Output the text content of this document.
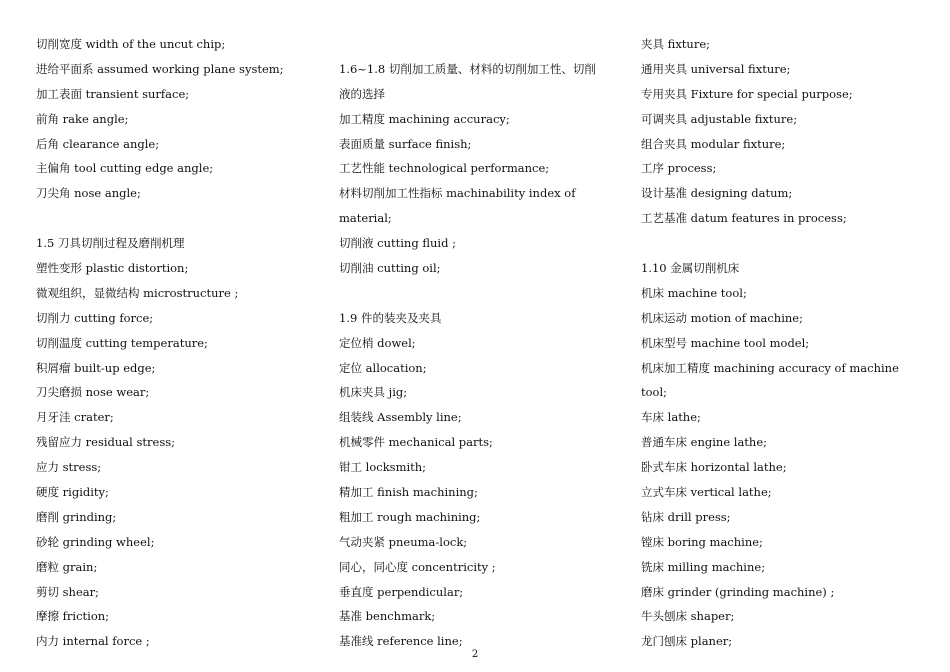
切削宽度 width of the uncut chip;
进给平面系 assumed working plane system;
加工表面 transient surface;
前角 rake angle;
后角 clearance angle;
主偏角 tool cutting edge angle;
刀尖角 nose angle;
1.5 刀具切削过程及磨削机理
塑性变形 plastic distortion;
微观组织，显微结构 microstructure ;
切削力 cutting force;
切削温度 cutting temperature;
积屑瘤 built-up edge;
刀尖磨损 nose wear;
月牙洼 crater;
残留应力 residual stress;
应力 stress;
硬度 rigidity;
磨削 grinding;
砂轮 grinding wheel;
磨粒 grain;
剪切 shear;
摩擦 friction;
内力 internal force ;
1.6~1.8 切削加工质量、材料的切削加工性、切削
液的选择
加工精度 machining accuracy;
表面质量 surface finish;
工艺性能 technological performance;
材料切削加工性指标 machinability index of
material;
切削液 cutting fluid ;
切削油 cutting oil;
1.9 件的装夹及夹具
定位梢 dowel;
定位 allocation;
机床夹具 jig;
组装线 Assembly line;
机械零件 mechanical parts;
钳工 locksmith;
精加工 finish machining;
粗加工 rough machining;
气动夹紧 pneuma-lock;
同心，同心度 concentricity ;
垂直度 perpendicular;
基准 benchmark;
基准线 reference line;
夹具 fixture;
通用夹具 universal fixture;
专用夹具 Fixture for special purpose;
可调夹具 adjustable fixture;
组合夹具 modular fixture;
工序 process;
设计基准 designing datum;
工艺基准 datum features in process;
1.10 金属切削机床
机床 machine tool;
机床运动 motion of machine;
机床型号 machine tool model;
机床加工精度 machining accuracy of machine
tool;
车床 lathe;
普通车床 engine lathe;
卧式车床 horizontal lathe;
立式车床 vertical lathe;
钻床 drill press;
镗床 boring machine;
铣床 milling machine;
磨床 grinder (grinding machine) ;
牛头刨床 shaper;
龙门刨床 planer;
2
